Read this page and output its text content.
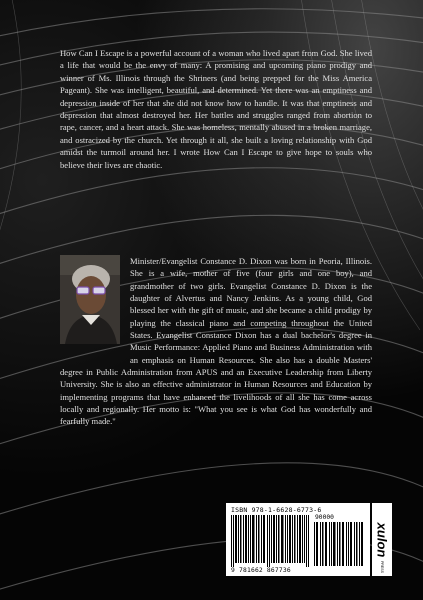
How Can I Escape is a powerful account of a woman who lived apart from God. She lived a life that would be the envy of many: A promising and upcoming piano prodigy and winner of Ms. Illinois through the Shriners (and being prepped for the Miss America Pageant). She was intelligent, beautiful, and determined. Yet there was an emptiness and depression inside of her that she did not know how to handle. It was that emptiness and depression that almost destroyed her. Her battles and struggles ranged from abortion to rape, cancer, and a heart attack. She was homeless, mentally abused in a broken marriage, and ostracized by the church. Yet through it all, she built a loving relationship with God amidst the turmoil around her. I wrote How Can I Escape to give hope to souls who believe their lives are chaotic.

Minister/Evangelist Constance D. Dixon was born in Peoria, Illinois. She is a wife, mother of five (four girls and one boy), and grandmother of two girls. Evangelist Constance D. Dixon is the daughter of Alvertus and Nancy Jenkins. As a young child, God blessed her with the gift of music, and she became a child prodigy by playing the classical piano and competing throughout the United States. Evangelist Constance Dixon has a dual bachelor's degree in Music Performance: Applied Piano and Business Administration with an emphasis on Human Resources. She also has a double Masters' degree in Public Administration from APUS and an Executive Leadership from Liberty University. She is also an effective administrator in Human Resources and Education by implementing programs that have enhanced the livelihoods of all she has come across locally and regionally. Her motto is: "What you see is what God has wonderfully and fearfully made."

ISBN 978-1-6628-6773-6

9 781662 867736

90000

xulon

PRESS
